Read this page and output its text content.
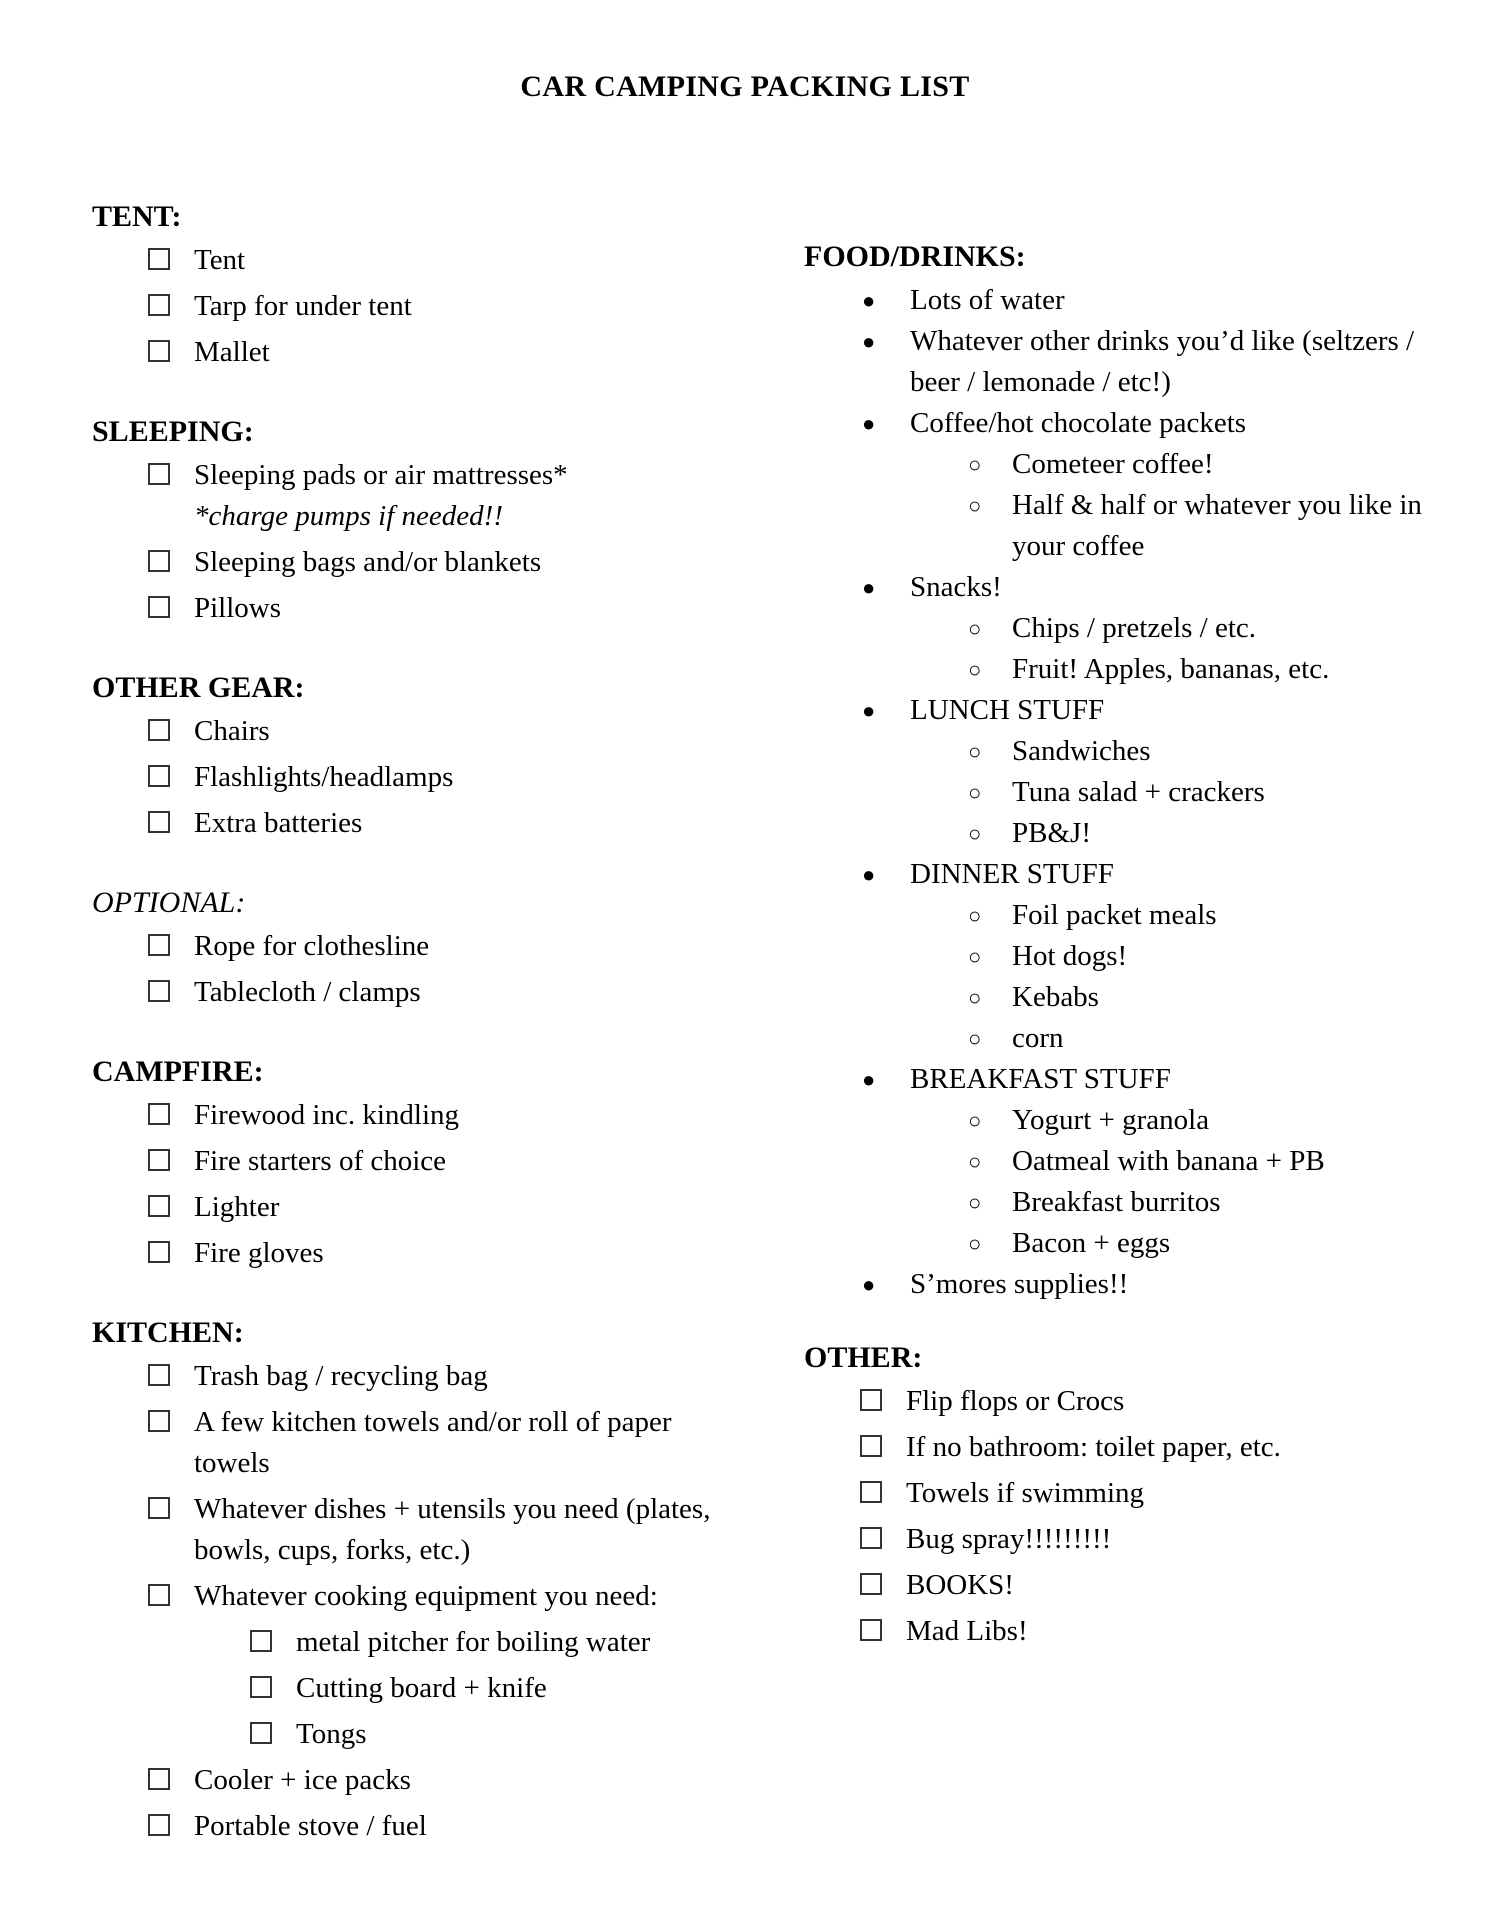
CAR CAMPING PACKING LIST
TENT:
Tent
Tarp for under tent
Mallet
SLEEPING:
Sleeping pads or air mattresses*
*charge pumps if needed!!
Sleeping bags and/or blankets
Pillows
OTHER GEAR:
Chairs
Flashlights/headlamps
Extra batteries
OPTIONAL:
Rope for clothesline
Tablecloth / clamps
CAMPFIRE:
Firewood inc. kindling
Fire starters of choice
Lighter
Fire gloves
KITCHEN:
Trash bag / recycling bag
A few kitchen towels and/or roll of paper towels
Whatever dishes + utensils you need (plates, bowls, cups, forks, etc.)
Whatever cooking equipment you need:
metal pitcher for boiling water
Cutting board + knife
Tongs
Cooler + ice packs
Portable stove / fuel
FOOD/DRINKS:
● Lots of water
● Whatever other drinks you’d like (seltzers / beer / lemonade / etc!)
● Coffee/hot chocolate packets
○ Cometeer coffee!
○ Half & half or whatever you like in your coffee
● Snacks!
○ Chips / pretzels / etc.
○ Fruit! Apples, bananas, etc.
● LUNCH STUFF
○ Sandwiches
○ Tuna salad + crackers
○ PB&J!
● DINNER STUFF
○ Foil packet meals
○ Hot dogs!
○ Kebabs
○ corn
● BREAKFAST STUFF
○ Yogurt + granola
○ Oatmeal with banana + PB
○ Breakfast burritos
○ Bacon + eggs
● S’mores supplies!!
OTHER:
Flip flops or Crocs
If no bathroom: toilet paper, etc.
Towels if swimming
Bug spray!!!!!!!!!
BOOKS!
Mad Libs!
